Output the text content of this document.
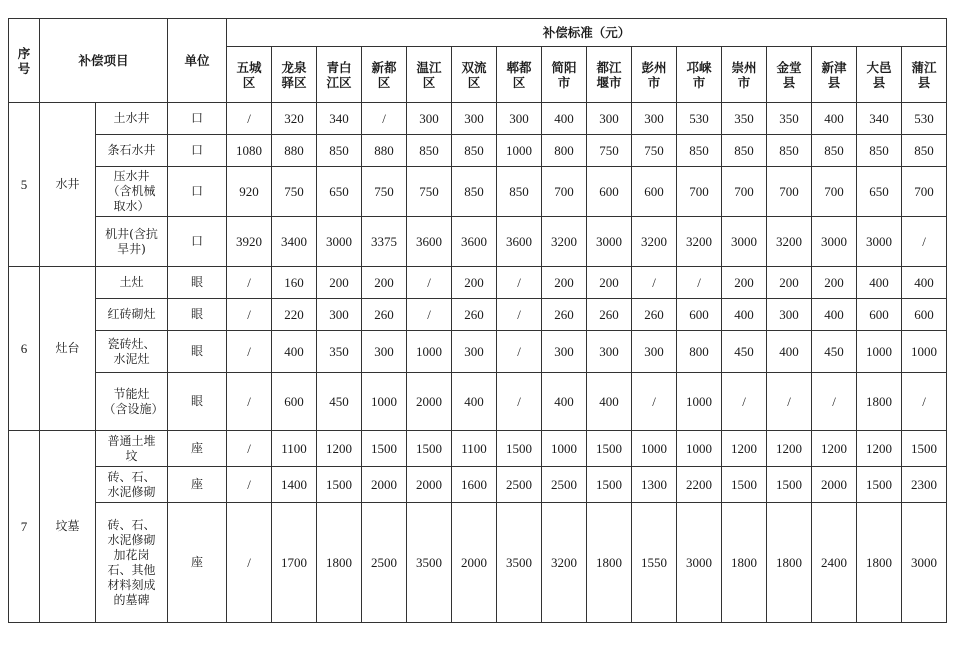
序号	补偿项目		单位	补偿标准（元）															
				五城区	龙泉驿区	青白江区	新都区	温江区	双流区	郫都区	简阳市	都江堰市	彭州市	邛崃市	崇州市	金堂县	新津县	大邑县	蒲江县
5	水井	土水井	口	/	320	340	/	300	300	300	400	300	300	530	350	350	400	340	530
		条石水井	口	1080	880	850	880	850	850	1000	800	750	750	850	850	850	850	850	850
		压水井（含机械取水）	口	920	750	650	750	750	850	850	700	600	600	700	700	700	700	650	700
		机井(含抗旱井)	口	3920	3400	3000	3375	3600	3600	3600	3200	3000	3200	3200	3000	3200	3000	3000	/
6	灶台	土灶	眼	/	160	200	200	/	200	/	200	200	/	/	200	200	200	400	400
		红砖砌灶	眼	/	220	300	260	/	260	/	260	260	260	600	400	300	400	600	600
		瓷砖灶、水泥灶	眼	/	400	350	300	1000	300	/	300	300	300	800	450	400	450	1000	1000
		节能灶（含设施）	眼	/	600	450	1000	2000	400	/	400	400	/	1000	/	/	/	1800	/
7	坟墓	普通土堆坟	座	/	1100	1200	1500	1500	1100	1500	1000	1500	1000	1000	1200	1200	1200	1200	1500
		砖、石、水泥修砌	座	/	1400	1500	2000	2000	1600	2500	2500	1500	1300	2200	1500	1500	2000	1500	2300
		砖、石、水泥修砌加花岗石、其他材料刻成的墓碑	座	/	1700	1800	2500	3500	2000	3500	3200	1800	1550	3000	1800	1800	2400	1800	3000
